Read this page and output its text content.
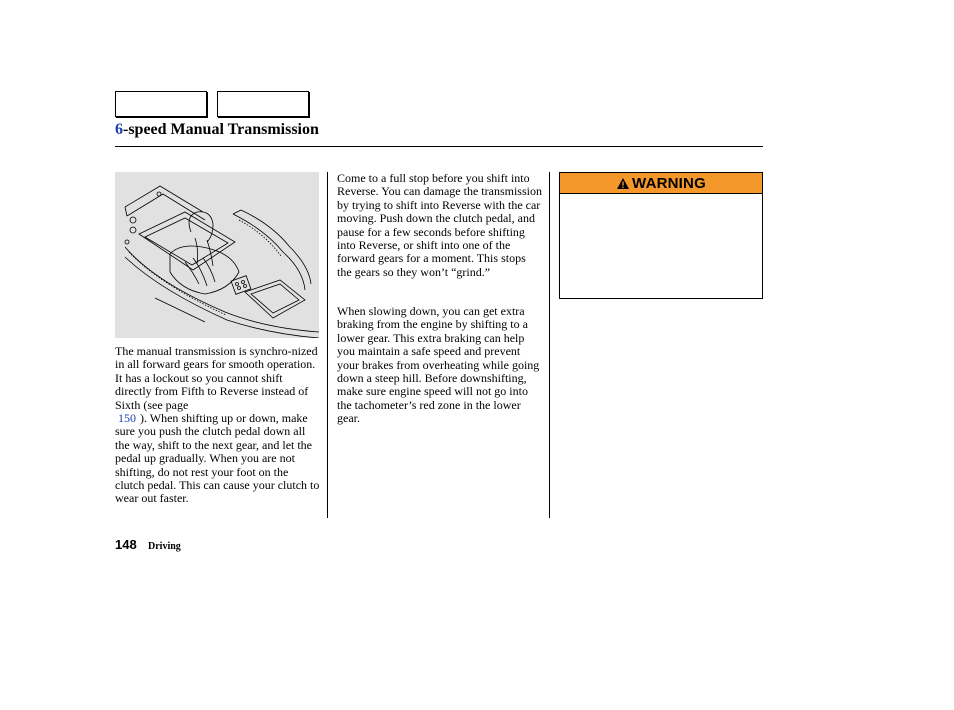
6-speed Manual Transmission

The manual transmission is synchro-nized in all forward gears for smooth operation. It has a lockout so you cannot shift directly from Fifth to Reverse instead of Sixth (see page
150 ). When shifting up or down, make sure you push the clutch pedal down all the way, shift to the next gear, and let the pedal up gradually. When you are not shifting, do not rest your foot on the clutch pedal. This can cause your clutch to wear out faster.

Come to a full stop before you shift into Reverse. You can damage the transmission by trying to shift into Reverse with the car moving. Push down the clutch pedal, and pause for a few seconds before shifting into Reverse, or shift into one of the forward gears for a moment. This stops the gears so they won’t “grind.”

When slowing down, you can get extra braking from the engine by shifting to a lower gear. This extra braking can help you maintain a safe speed and prevent your brakes from overheating while going down a steep hill. Before downshifting, make sure engine speed will not go into the tachometer’s red zone in the lower gear.

WARNING
148 Driving
